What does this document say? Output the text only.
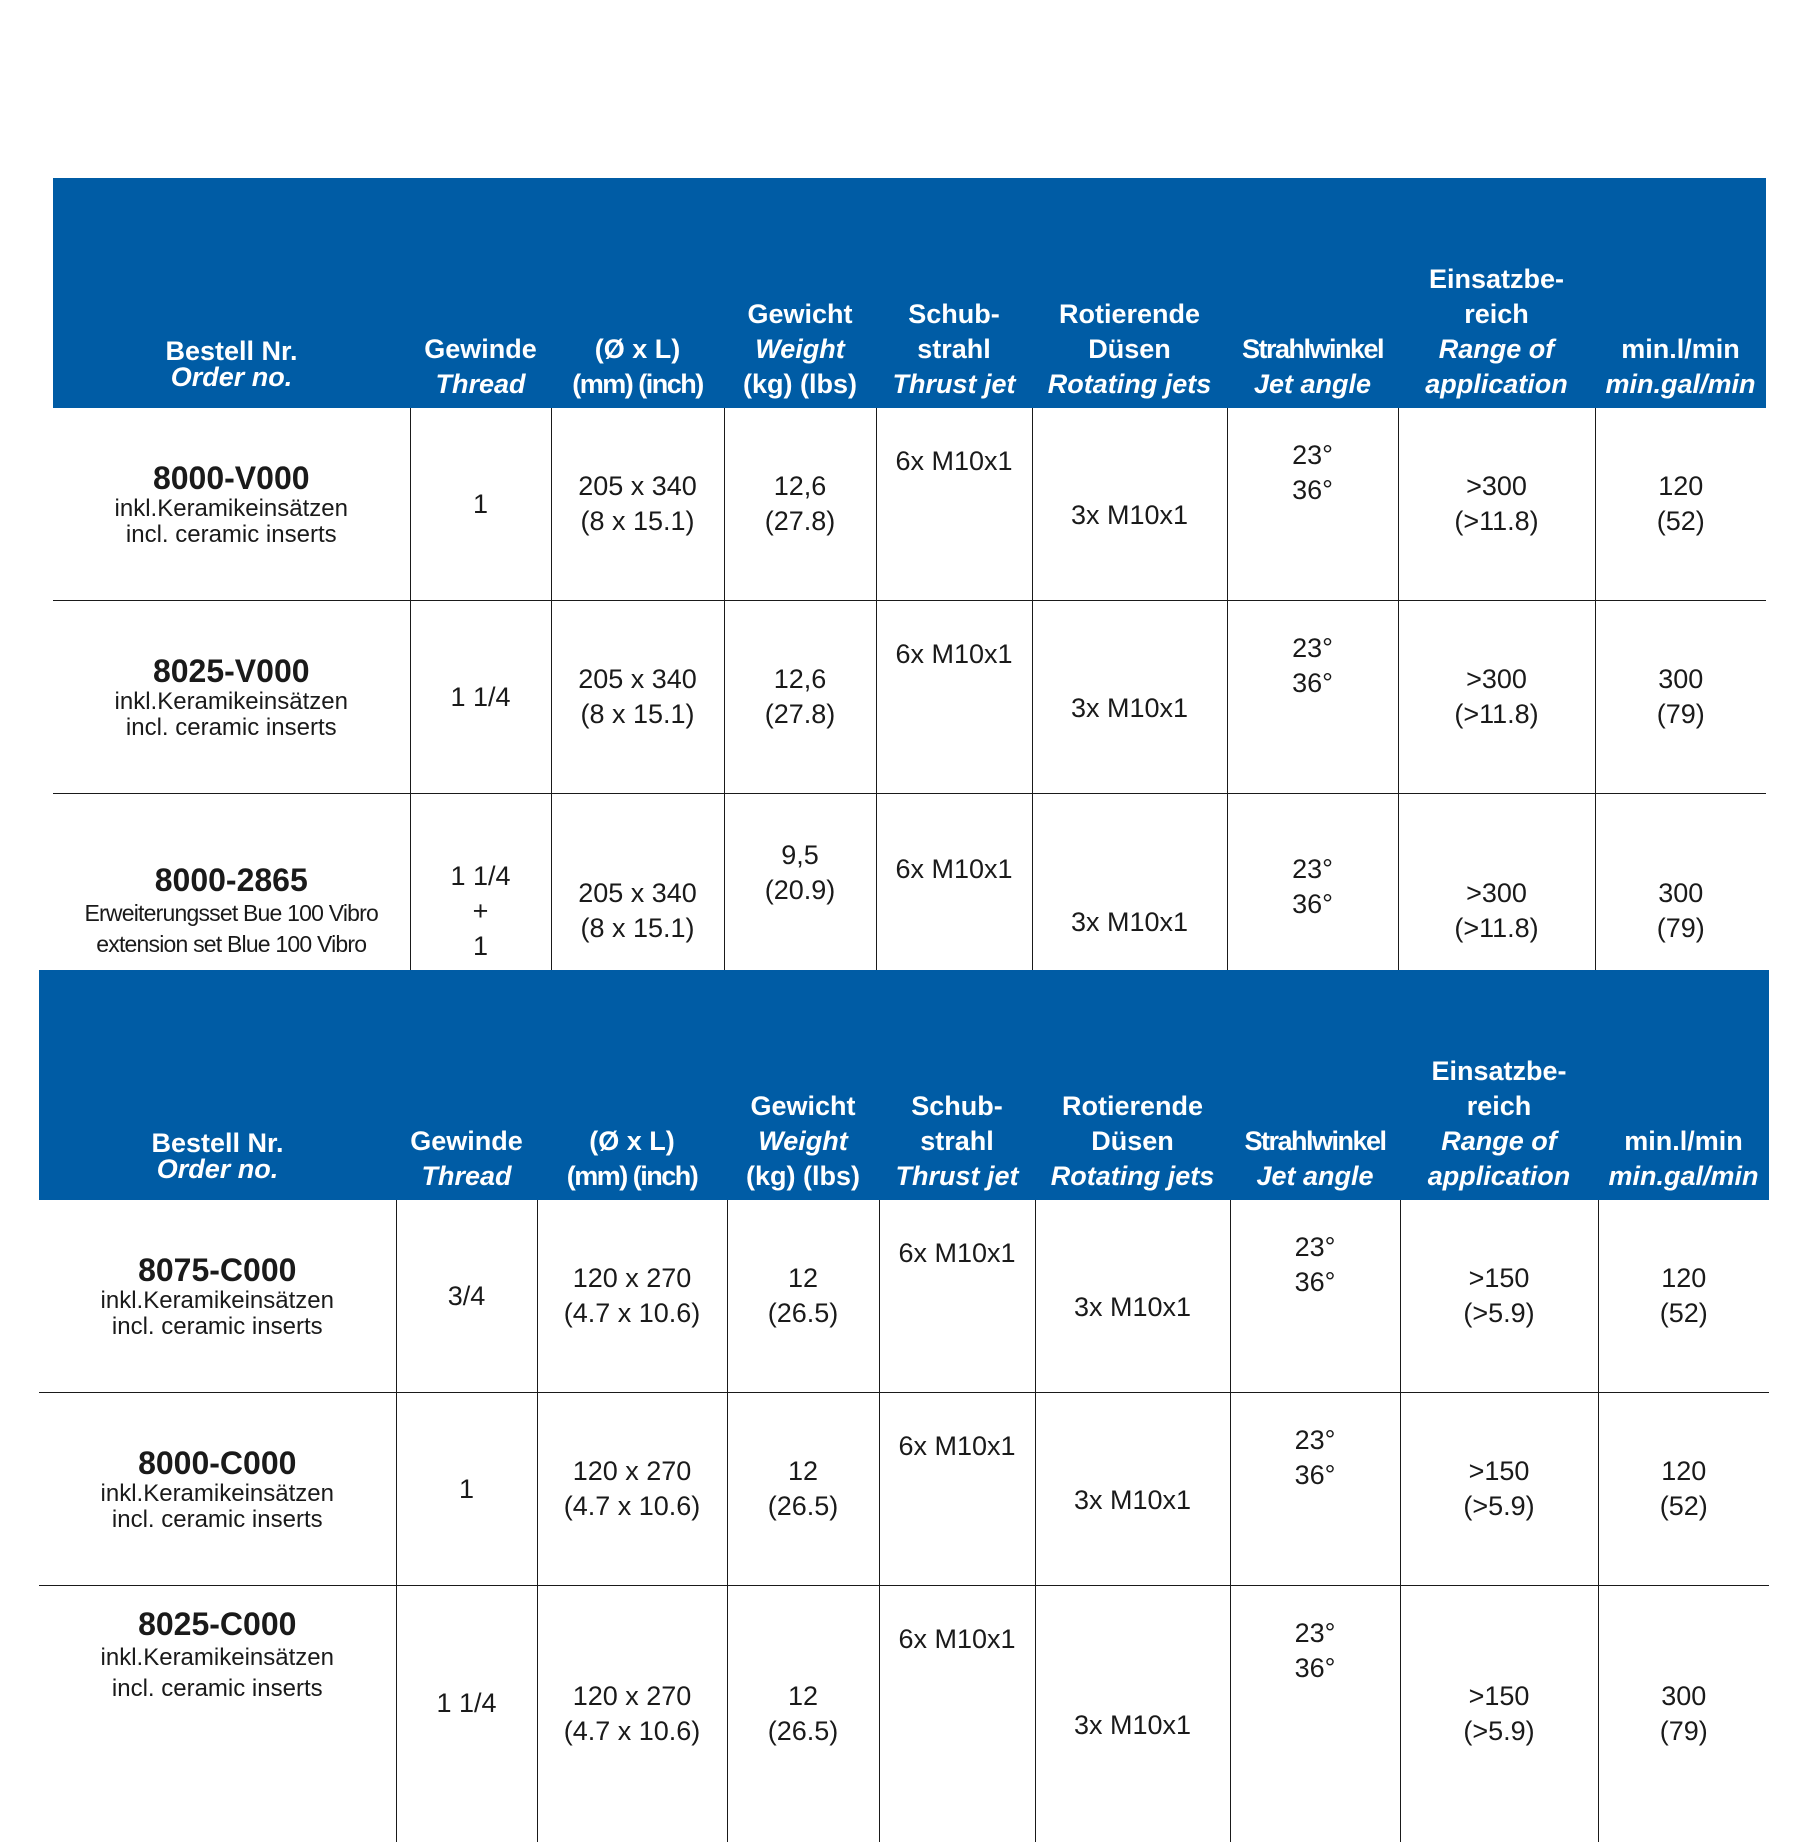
Bestell Nr.
Order no.	Gewinde
Thread	(Ø x L)
(mm) (inch)	Gewicht
Weight
(kg) (lbs)	Schub-
strahl
Thrust jet	Rotierende
Düsen
Rotating jets	Strahlwinkel
Jet angle	Einsatzbe-
reich
Range of
application	min.l/min
min.gal/min

8000-V000
inkl.Keramikeinsätzen
incl. ceramic inserts	1	205 x 340
(8 x 15.1)	12,6
(27.8)	6x M10x1	3x M10x1	23°
36°	>300
(>11.8)	120
(52)

8025-V000
inkl.Keramikeinsätzen
incl. ceramic inserts	1 1/4	205 x 340
(8 x 15.1)	12,6
(27.8)	6x M10x1	3x M10x1	23°
36°	>300
(>11.8)	300
(79)

8000-2865
Erweiterungsset Bue 100 Vibro
extension set Blue 100 Vibro	1 1/4
+
1	205 x 340
(8 x 15.1)	9,5
(20.9)	6x M10x1	3x M10x1	23°
36°	>300
(>11.8)	300
(79)
Bestell Nr.
Order no.	Gewinde
Thread	(Ø x L)
(mm) (inch)	Gewicht
Weight
(kg) (lbs)	Schub-
strahl
Thrust jet	Rotierende
Düsen
Rotating jets	Strahlwinkel
Jet angle	Einsatzbe-
reich
Range of
application	min.l/min
min.gal/min

8075-C000
inkl.Keramikeinsätzen
incl. ceramic inserts	3/4	120 x 270
(4.7 x 10.6)	12
(26.5)	6x M10x1	3x M10x1	23°
36°	>150
(>5.9)	120
(52)

8000-C000
inkl.Keramikeinsätzen
incl. ceramic inserts	1	120 x 270
(4.7 x 10.6)	12
(26.5)	6x M10x1	3x M10x1	23°
36°	>150
(>5.9)	120
(52)

8025-C000
inkl.Keramikeinsätzen
incl. ceramic inserts	1 1/4	120 x 270
(4.7 x 10.6)	12
(26.5)	6x M10x1	3x M10x1	23°
36°	>150
(>5.9)	300
(79)
